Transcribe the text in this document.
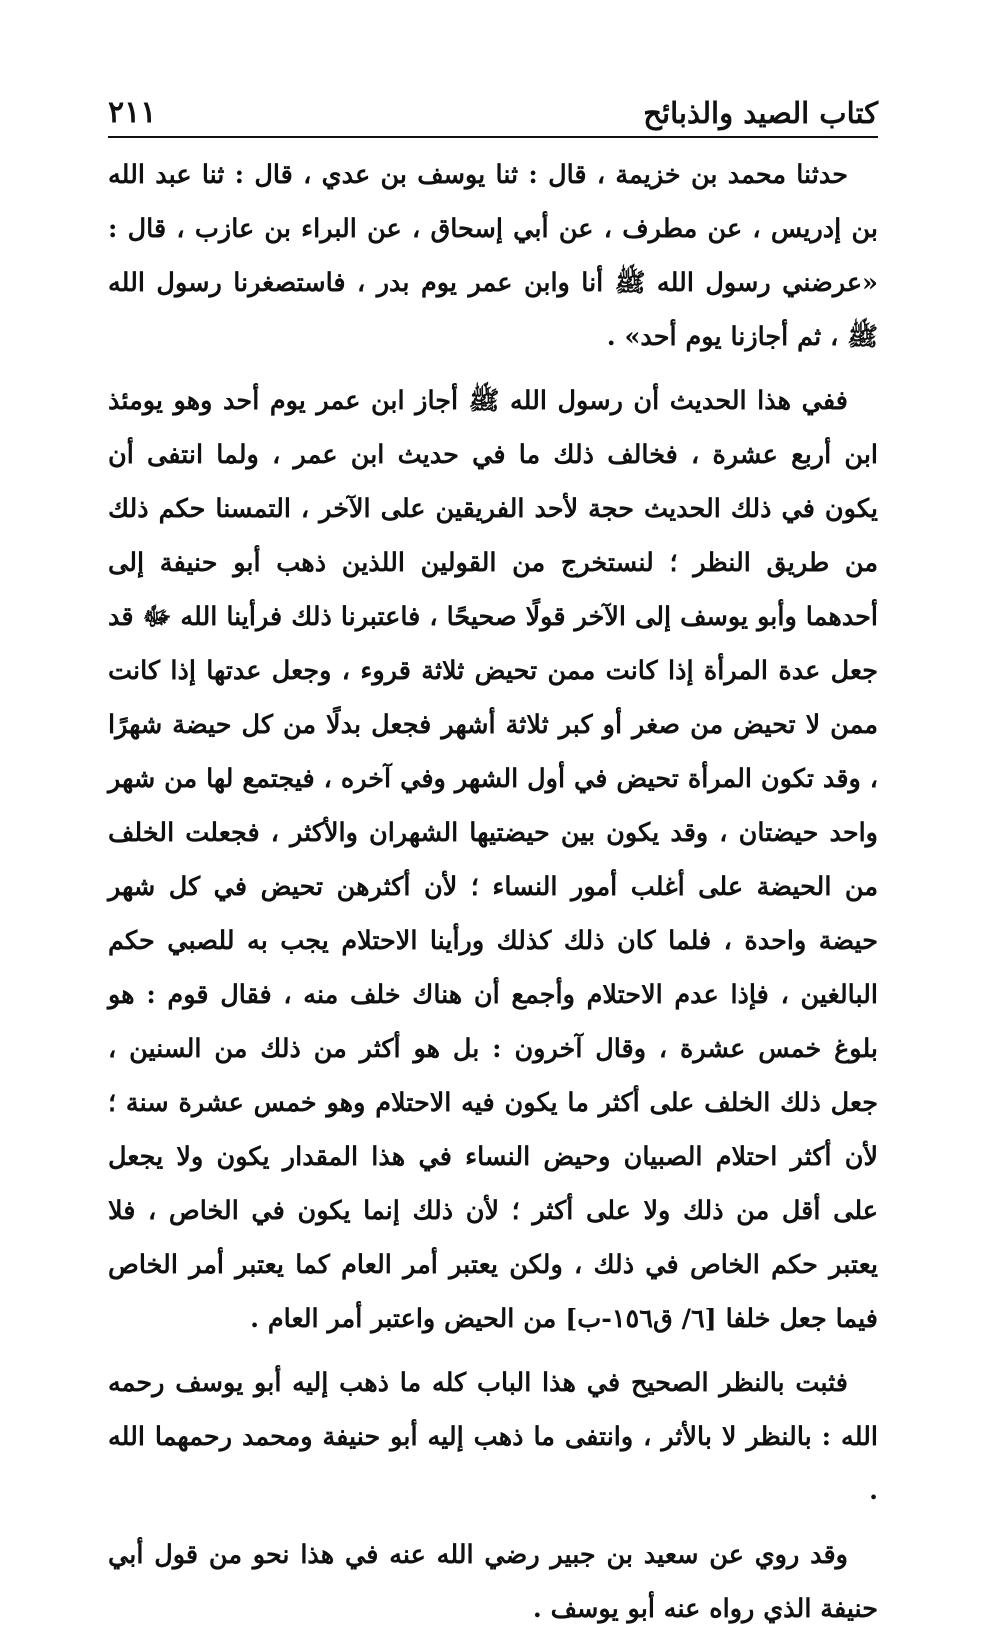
كتاب الصيد والذبائح
٢١١

حدثنا محمد بن خزيمة ، قال : ثنا يوسف بن عدي ، قال : ثنا عبد الله بن إدريس ، عن مطرف ، عن أبي إسحاق ، عن البراء بن عازب ، قال : «عرضني رسول الله ﷺ أنا وابن عمر يوم بدر ، فاستصغرنا رسول الله ﷺ ، ثم أجازنا يوم أحد» .

ففي هذا الحديث أن رسول الله ﷺ أجاز ابن عمر يوم أحد وهو يومئذ ابن أربع عشرة ، فخالف ذلك ما في حديث ابن عمر ، ولما انتفى أن يكون في ذلك الحديث حجة لأحد الفريقين على الآخر ، التمسنا حكم ذلك من طريق النظر ؛ لنستخرج من القولين اللذين ذهب أبو حنيفة إلى أحدهما وأبو يوسف إلى الآخر قولًا صحيحًا ، فاعتبرنا ذلك فرأينا الله ﷻ قد جعل عدة المرأة إذا كانت ممن تحيض ثلاثة قروء ، وجعل عدتها إذا كانت ممن لا تحيض من صغر أو كبر ثلاثة أشهر فجعل بدلًا من كل حيضة شهرًا ، وقد تكون المرأة تحيض في أول الشهر وفي آخره ، فيجتمع لها من شهر واحد حيضتان ، وقد يكون بين حيضتيها الشهران والأكثر ، فجعلت الخلف من الحيضة على أغلب أمور النساء ؛ لأن أكثرهن تحيض في كل شهر حيضة واحدة ، فلما كان ذلك كذلك ورأينا الاحتلام يجب به للصبي حكم البالغين ، فإذا عدم الاحتلام وأجمع أن هناك خلف منه ، فقال قوم : هو بلوغ خمس عشرة ، وقال آخرون : بل هو أكثر من ذلك من السنين ، جعل ذلك الخلف على أكثر ما يكون فيه الاحتلام وهو خمس عشرة سنة ؛ لأن أكثر احتلام الصبيان وحيض النساء في هذا المقدار يكون ولا يجعل على أقل من ذلك ولا على أكثر ؛ لأن ذلك إنما يكون في الخاص ، فلا يعتبر حكم الخاص في ذلك ، ولكن يعتبر أمر العام كما يعتبر أمر الخاص فيما جعل خلفا [٦/ ق١٥٦-ب] من الحيض واعتبر أمر العام .

فثبت بالنظر الصحيح في هذا الباب كله ما ذهب إليه أبو يوسف رحمه الله : بالنظر لا بالأثر ، وانتفى ما ذهب إليه أبو حنيفة ومحمد رحمهما الله .

وقد روي عن سعيد بن جبير رضي الله عنه في هذا نحو من قول أبي حنيفة الذي رواه عنه أبو يوسف .
